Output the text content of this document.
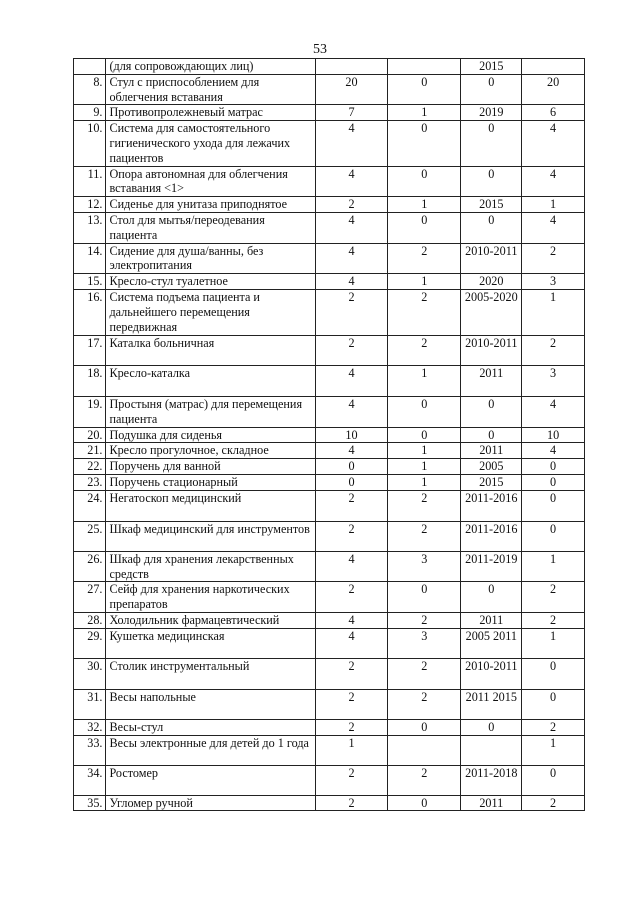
53
	(для сопровождающих лиц)			2015	
8.	Стул с приспособлением для облегчения вставания	20	0	0	20
9.	Противопролежневый матрас	7	1	2019	6
10.	Система для самостоятельного гигиенического ухода для лежачих пациентов	4	0	0	4
11.	Опора автономная для облегчения вставания <1>	4	0	0	4
12.	Сиденье для унитаза приподнятое	2	1	2015	1
13.	Стол для мытья/переодевания пациента	4	0	0	4
14.	Сидение для душа/ванны, без электропитания	4	2	2010-2011	2
15.	Кресло-стул туалетное	4	1	2020	3
16.	Система подъема пациента и дальнейшего перемещения передвижная	2	2	2005-2020	1
17.	Каталка больничная	2	2	2010-2011	2
18.	Кресло-каталка	4	1	2011	3
19.	Простыня (матрас) для перемещения пациента	4	0	0	4
20.	Подушка для сиденья	10	0	0	10
21.	Кресло прогулочное, складное	4	1	2011	4
22.	Поручень для ванной	0	1	2005	0
23.	Поручень стационарный	0	1	2015	0
24.	Негатоскоп медицинский	2	2	2011-2016	0
25.	Шкаф медицинский для инструментов	2	2	2011-2016	0
26.	Шкаф для хранения лекарственных средств	4	3	2011-2019	1
27.	Сейф для хранения наркотических препаратов	2	0	0	2
28.	Холодильник фармацевтический	4	2	2011	2
29.	Кушетка медицинская	4	3	2005 2011	1
30.	Столик инструментальный	2	2	2010-2011	0
31.	Весы напольные	2	2	2011 2015	0
32.	Весы-стул	2	0	0	2
33.	Весы электронные для детей до 1 года	1			1
34.	Ростомер	2	2	2011-2018	0
35.	Угломер ручной	2	0	2011	2
